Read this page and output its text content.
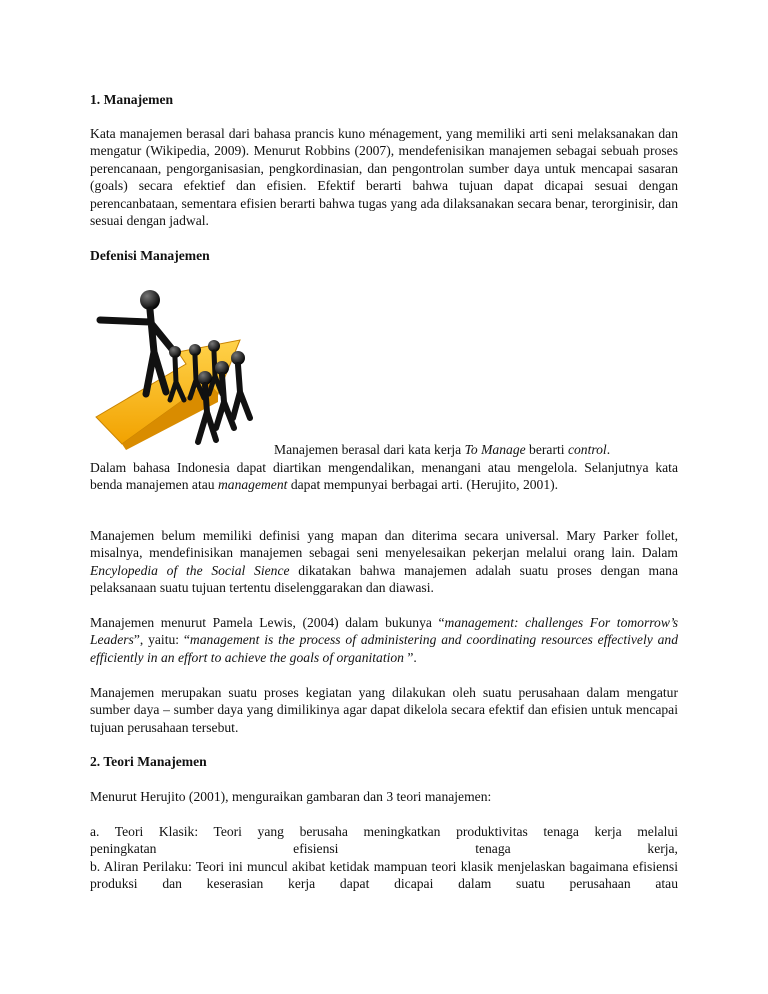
1. Manajemen

Kata manajemen berasal dari bahasa prancis kuno ménagement, yang memiliki arti seni melaksanakan dan mengatur (Wikipedia, 2009). Menurut Robbins (2007), mendefenisikan manajemen sebagai sebuah proses perencanaan, pengorganisasian, pengkordinasian, dan pengontrolan sumber daya untuk mencapai sasaran (goals) secara efektief dan efisien. Efektif berarti bahwa tujuan dapat dicapai sesuai dengan perencanbataan, sementara efisien berarti bahwa tugas yang ada dilaksanakan secara benar, terorginisir, dan sesuai dengan jadwal.

Defenisi Manajemen

Manajemen berasal dari kata kerja To Manage berarti control.

Dalam bahasa Indonesia dapat diartikan mengendalikan, menangani atau mengelola. Selanjutnya kata benda manajemen atau management dapat mempunyai berbagai arti. (Herujito, 2001).

Manajemen belum memiliki definisi yang mapan dan diterima secara universal. Mary Parker follet, misalnya, mendefinisikan manajemen sebagai seni menyelesaikan pekerjan melalui orang lain. Dalam Encylopedia of the Social Sience dikatakan bahwa manajemen adalah suatu proses dengan mana pelaksanaan suatu tujuan tertentu diselenggarakan dan diawasi.

Manajemen menurut Pamela Lewis, (2004) dalam bukunya “management: challenges For tomorrow’s Leaders”, yaitu: “management is the process of administering and coordinating resources effectively and efficiently in an effort to achieve the goals of organitation ”.

Manajemen merupakan suatu proses kegiatan yang dilakukan oleh suatu perusahaan dalam mengatur sumber daya – sumber daya yang dimilikinya agar dapat dikelola secara efektif dan efisien untuk mencapai tujuan perusahaan tersebut.

2. Teori Manajemen

Menurut Herujito (2001), menguraikan gambaran dan 3 teori manajemen:

a. Teori Klasik: Teori yang berusaha meningkatkan produktivitas tenaga kerja melalui
peningkatan	efisiensi	tenaga	kerja,
b. Aliran Perilaku: Teori ini muncul akibat ketidak mampuan teori klasik menjelaskan bagaimana efisiensi produksi dan keserasian kerja dapat dicapai dalam suatu perusahaan atau
